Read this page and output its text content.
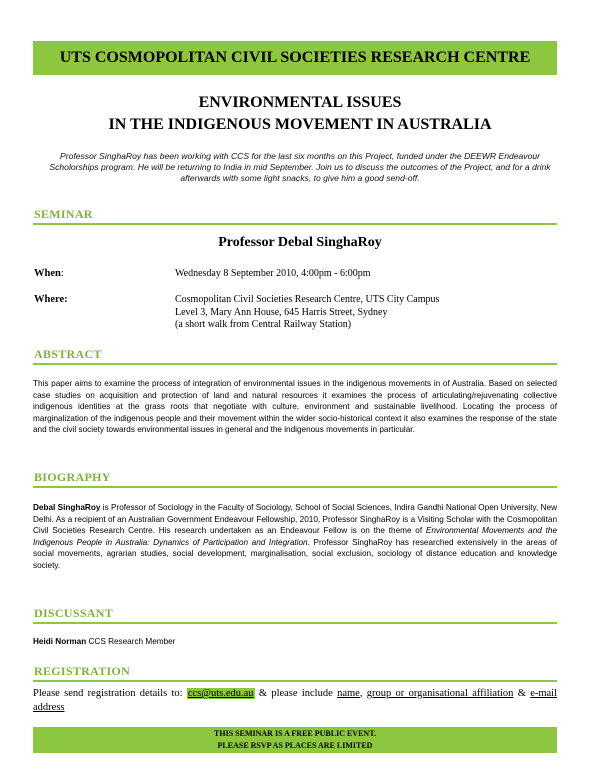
UTS COSMOPOLITAN CIVIL SOCIETIES RESEARCH CENTRE
ENVIRONMENTAL ISSUES
IN THE INDIGENOUS MOVEMENT IN AUSTRALIA
Professor SinghaRoy has been working with CCS for the last six months on this Project, funded under the DEEWR Endeavour Scholorships program. He will be returning to India in mid September. Join us to discuss the outcomes of the Project, and for a drink afterwards with some light snacks, to give him a good send-off.
SEMINAR
Professor Debal SinghaRoy
When:	Wednesday 8 September 2010, 4:00pm - 6:00pm
Where:	Cosmopolitan Civil Societies Research Centre, UTS City Campus
Level 3, Mary Ann House, 645 Harris Street, Sydney
(a short walk from Central Railway Station)
ABSTRACT
This paper aims to examine the process of integration of environmental issues in the indigenous movements in of Australia. Based on selected case studies on acquisition and protection of land and natural resources it examines the process of articulating/rejuvenating collective indigenous identities at the grass roots that negotiate with culture, environment and sustainable livelihood. Locating the process of marginalization of the indigenous people and their movement within the wider socio-historical context it also examines the response of the state and the civil society towards environmental issues in general and the indigenous movements in particular.
BIOGRAPHY
Debal SinghaRoy is Professor of Sociology in the Faculty of Sociology, School of Social Sciences, Indira Gandhi National Open University, New Delhi. As a recipient of an Australian Government Endeavour Fellowship, 2010, Professor SinghaRoy is a Visiting Scholar with the Cosmopolitan Civil Societies Research Centre. His research undertaken as an Endeavour Fellow is on the theme of Environmental Movements and the Indigenous People in Australia: Dynamics of Participation and Integration. Professor SinghaRoy has researched extensively in the areas of social movements, agrarian studies, social development, marginalisation, social exclusion, sociology of distance education and knowledge society.
DISCUSSANT
Heidi Norman CCS Research Member
REGISTRATION
Please send registration details to: ccs@uts.edu.au & please include name, group or organisational affiliation & e-mail address
THIS SEMINAR IS A FREE PUBLIC EVENT.
PLEASE RSVP AS PLACES ARE LIMITED
